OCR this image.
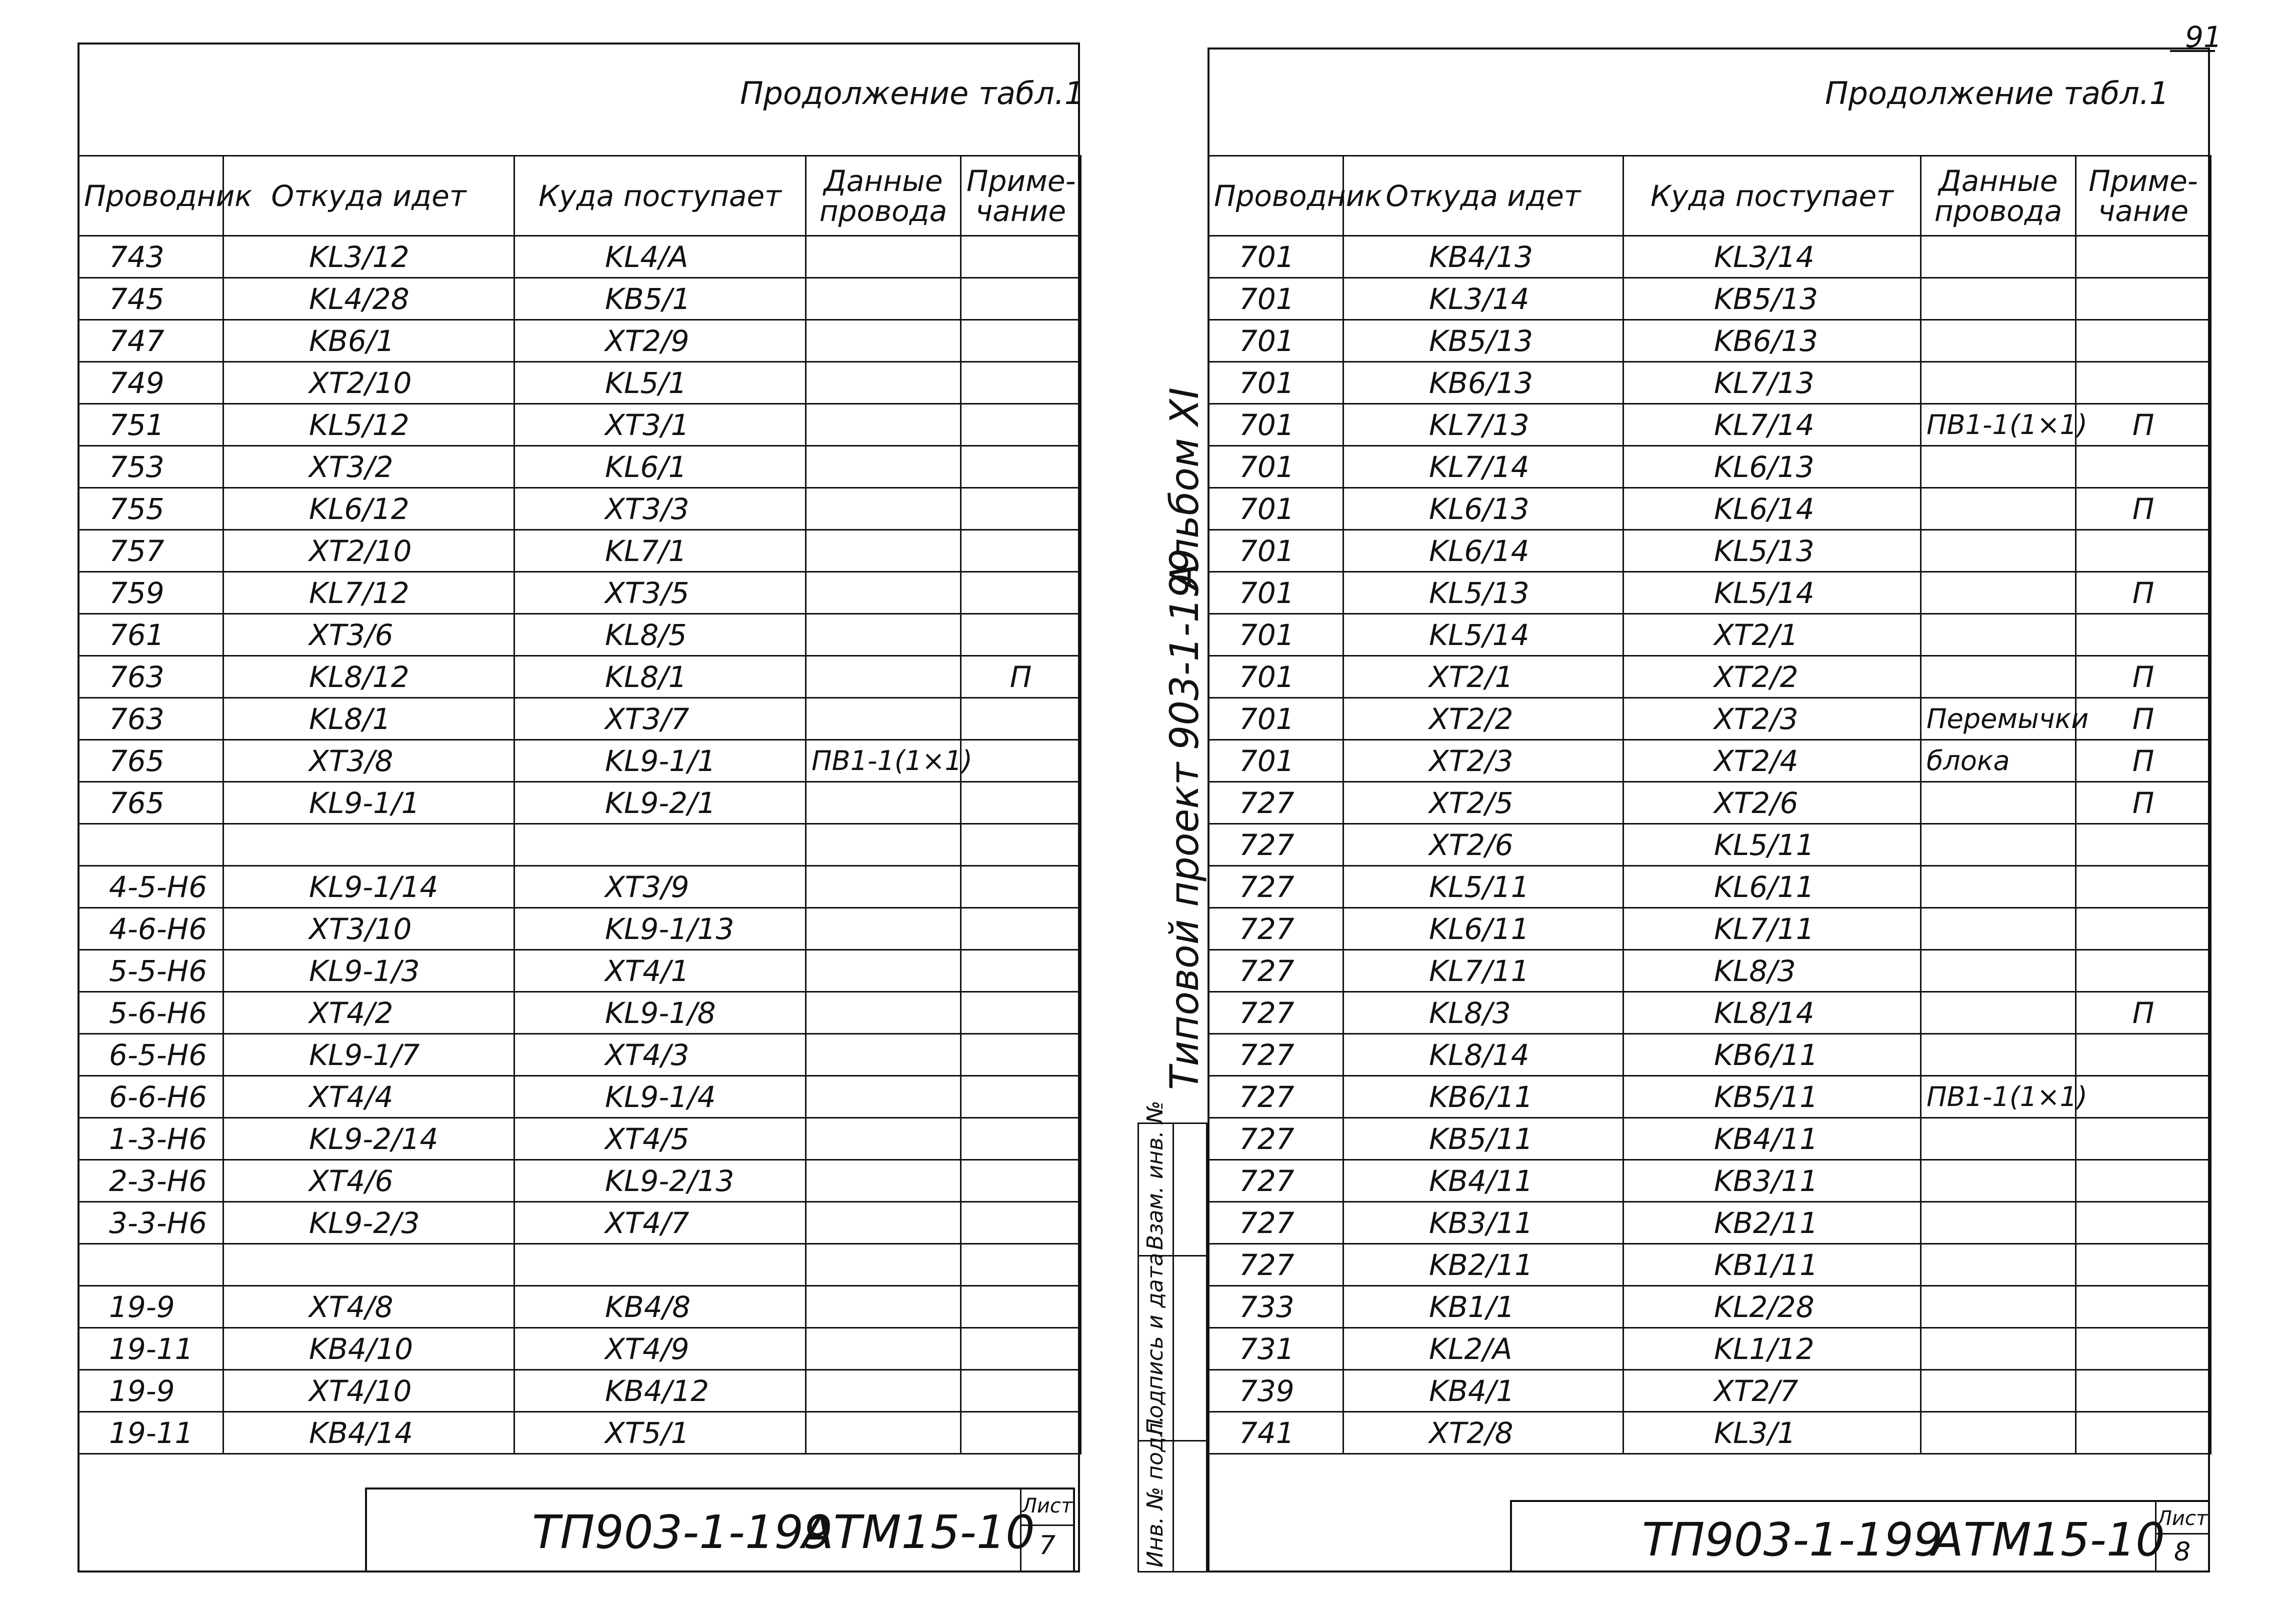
91
Продолжение табл.1
Проводник	Откуда идет	Куда поступает	Данные провода	Приме-чание
743	KL3/12	KL4/A		
745	KL4/28	KB5/1		
747	KB6/1	XT2/9		
749	XT2/10	KL5/1		
751	KL5/12	XT3/1		
753	XT3/2	KL6/1		
755	KL6/12	XT3/3		
757	XT2/10	KL7/1		
759	KL7/12	XT3/5		
761	XT3/6	KL8/5		
763	KL8/12	KL8/1		П
763	KL8/1	XT3/7		
765	XT3/8	KL9-1/1	ПВ1-1(1×1)	
765	KL9-1/1	KL9-2/1		

4-5-H6	KL9-1/14	XT3/9		
4-6-H6	XT3/10	KL9-1/13		
5-5-H6	KL9-1/3	XT4/1		
5-6-H6	XT4/2	KL9-1/8		
6-5-H6	KL9-1/7	XT4/3		
6-6-H6	XT4/4	KL9-1/4		
1-3-H6	KL9-2/14	XT4/5		
2-3-H6	XT4/6	KL9-2/13		
3-3-H6	KL9-2/3	XT4/7		

19-9	XT4/8	KB4/8		
19-11	KB4/10	XT4/9		
19-9	XT4/10	KB4/12		
19-11	KB4/14	XT5/1		
ТП903-1-199
АТМ15-10
Лист
7
Альбом XI
Типовой проект 903-1-199
Взам. инв. №
Подпись и дата
Инв. № подл.
Продолжение табл.1
Проводник	Откуда идет	Куда поступает	Данные провода	Приме-чание
701	KB4/13	KL3/14		
701	KL3/14	KB5/13		
701	KB5/13	KB6/13		
701	KB6/13	KL7/13		
701	KL7/13	KL7/14	ПВ1-1(1×1)	П
701	KL7/14	KL6/13		
701	KL6/13	KL6/14		П
701	KL6/14	KL5/13		
701	KL5/13	KL5/14		П
701	KL5/14	XT2/1		
701	XT2/1	XT2/2		П
701	XT2/2	XT2/3	Перемычки	П
701	XT2/3	XT2/4	блока	П
727	XT2/5	XT2/6		П
727	XT2/6	KL5/11		
727	KL5/11	KL6/11		
727	KL6/11	KL7/11		
727	KL7/11	KL8/3		
727	KL8/3	KL8/14		П
727	KL8/14	KB6/11		
727	KB6/11	KB5/11	ПВ1-1(1×1)	
727	KB5/11	KB4/11		
727	KB4/11	KB3/11		
727	KB3/11	KB2/11		
727	KB2/11	KB1/11		
733	KB1/1	KL2/28		
731	KL2/A	KL1/12		
739	KB4/1	XT2/7		
741	XT2/8	KL3/1		
ТП903-1-199
АТМ15-10
Лист
8
